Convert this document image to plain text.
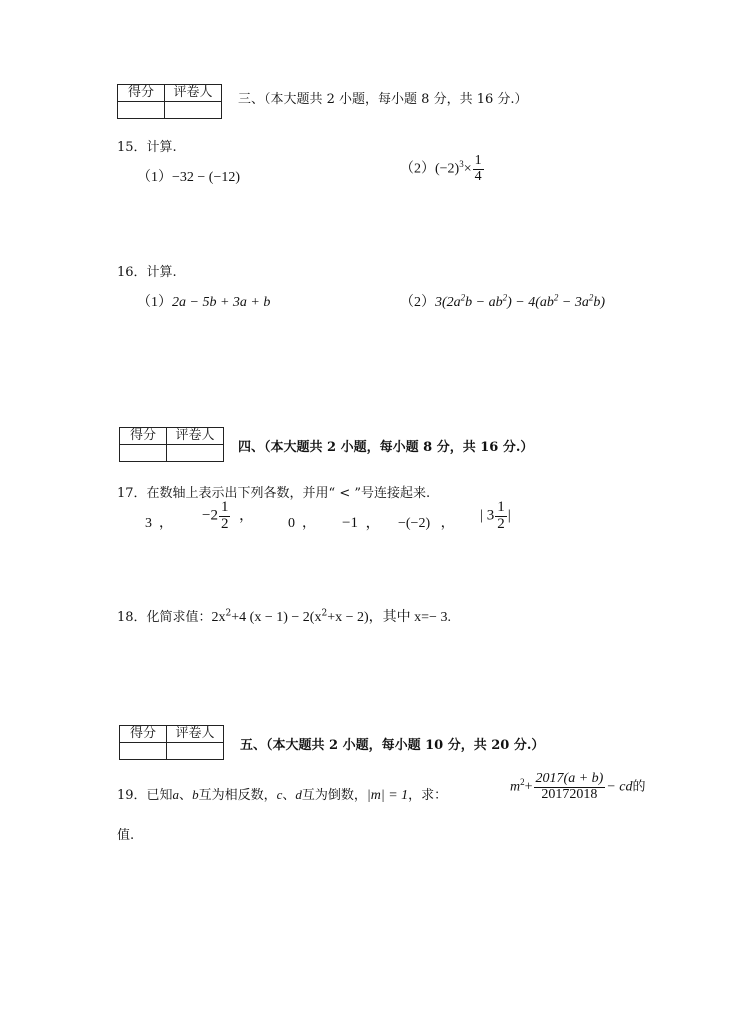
得分	评卷人
	三、（本大题共 2 小题，每小题 8 分，共 16 分.）
15．计算.
（1）−32 − (−12)
$(2)(-2)^3\times \frac{1}{4}$
16．计算.
（1）2a − 5b + 3a + b	$(2)3(2a^2b - ab^2) - 4(ab^2 - 3a^2b)$
得分	评卷人

四、（本大题共 2 小题，每小题 8 分，共 16 分.）
17．在数轴上表示出下列各数，并用“ < ”号连接起来.
3 ， $-2 \frac{1}{2}$ ， 0 ， −1 ， −(−2) ， | $3 \frac{1}{2}$ |
18．化简求值：$2x^2+4$ $(x - 1) - 2(x^2+x - 2)$，其中 x=− 3.
得分	评卷人

五、（本大题共 2 小题，每小题 10 分，共 20 分.）
19．已知a、b互为相反数，c、d互为倒数，|m| = 1，求：
$m^2+ \frac{2017(a + b)}{20172018}$ − cd的
值.
